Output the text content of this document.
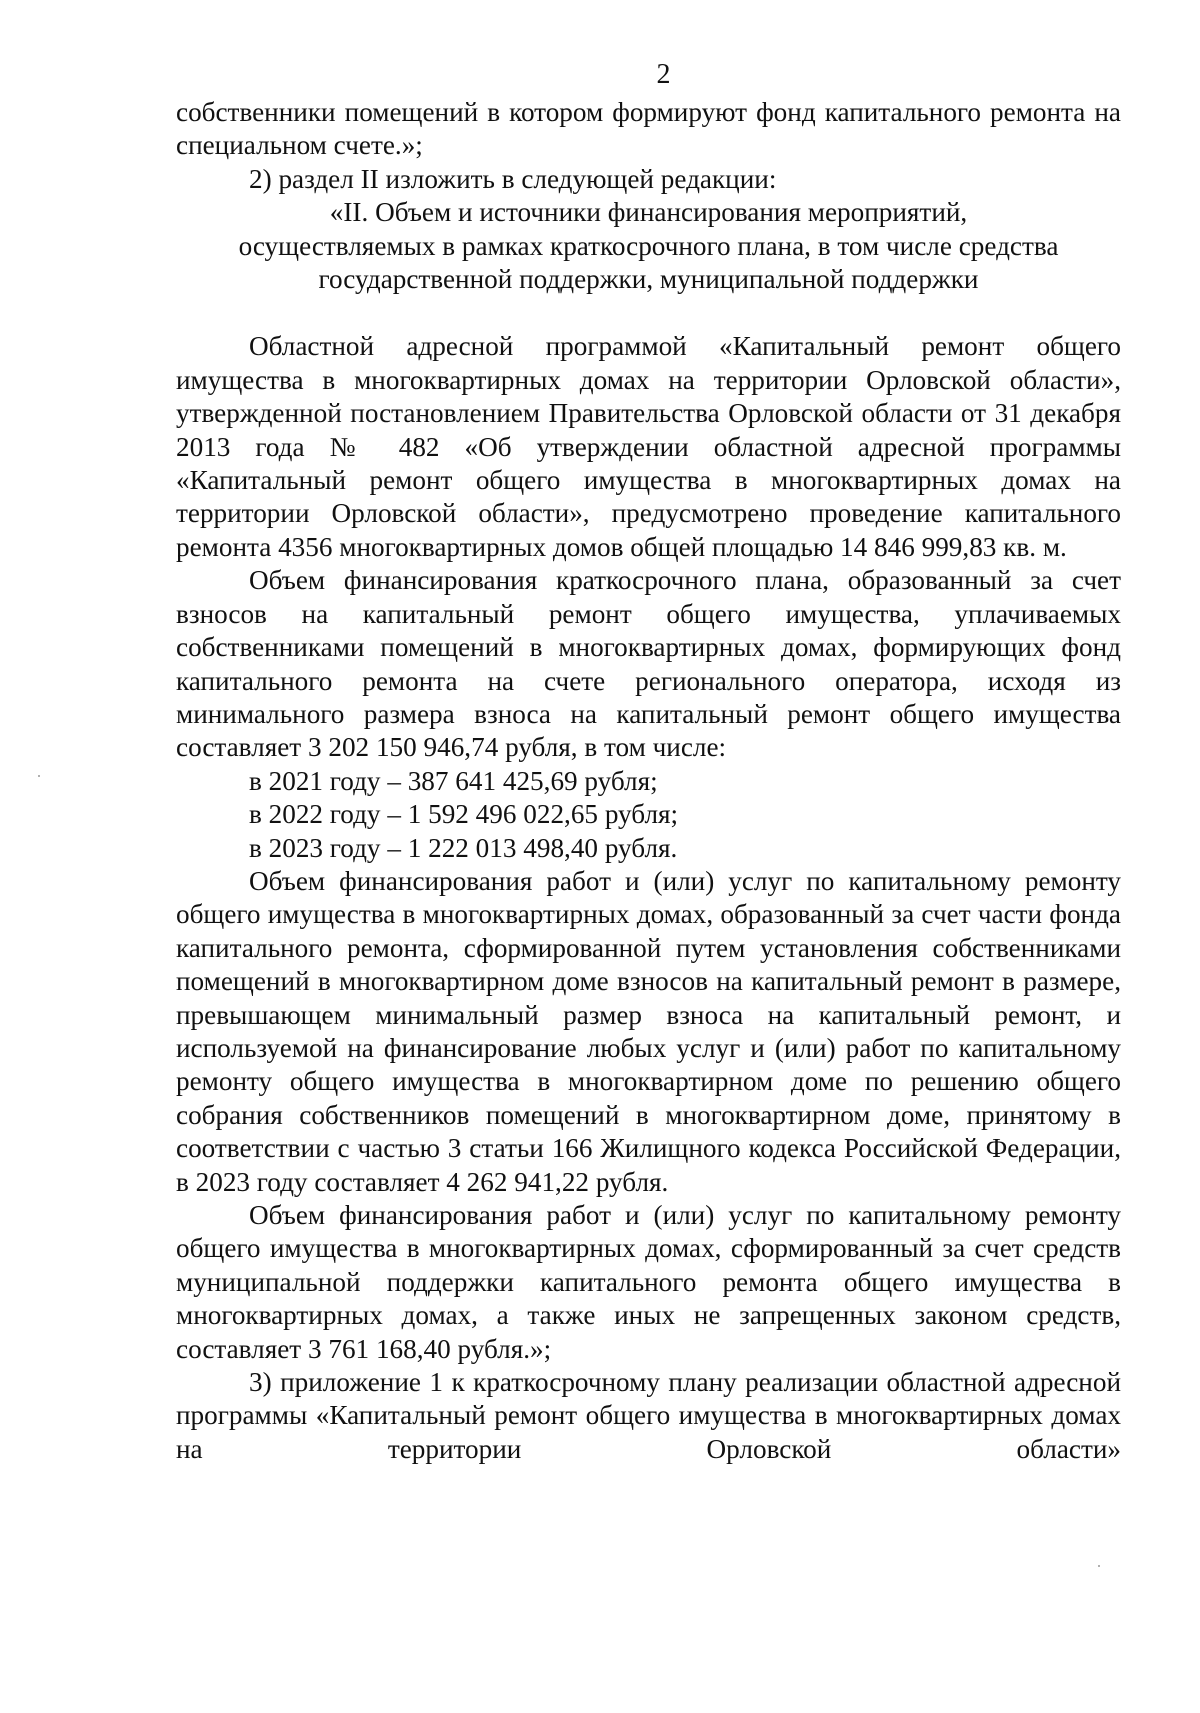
2

собственники помещений в котором формируют фонд капитального ремонта на специальном счете.»;

2) раздел II изложить в следующей редакции:

«II. Объем и источники финансирования мероприятий,

осуществляемых в рамках краткосрочного плана, в том числе средства

государственной поддержки, муниципальной поддержки

Областной адресной программой «Капитальный ремонт общего имущества в многоквартирных домах на территории Орловской области», утвержденной постановлением Правительства Орловской области от 31 декабря 2013 года № 482 «Об утверждении областной адресной программы «Капитальный ремонт общего имущества в многоквартирных домах на территории Орловской области», предусмотрено проведение капитального ремонта 4356 многоквартирных домов общей площадью 14 846 999,83 кв. м.

Объем финансирования краткосрочного плана, образованный за счет взносов на капитальный ремонт общего имущества, уплачиваемых собственниками помещений в многоквартирных домах, формирующих фонд капитального ремонта на счете регионального оператора, исходя из минимального размера взноса на капитальный ремонт общего имущества составляет 3 202 150 946,74 рубля, в том числе:

в 2021 году – 387 641 425,69 рубля;

в 2022 году – 1 592 496 022,65 рубля;

в 2023 году – 1 222 013 498,40 рубля.

Объем финансирования работ и (или) услуг по капитальному ремонту общего имущества в многоквартирных домах, образованный за счет части фонда капитального ремонта, сформированной путем установления собственниками помещений в многоквартирном доме взносов на капитальный ремонт в размере, превышающем минимальный размер взноса на капитальный ремонт, и используемой на финансирование любых услуг и (или) работ по капитальному ремонту общего имущества в многоквартирном доме по решению общего собрания собственников помещений в многоквартирном доме, принятому в соответствии с частью 3 статьи 166 Жилищного кодекса Российской Федерации, в 2023 году составляет 4 262 941,22 рубля.

Объем финансирования работ и (или) услуг по капитальному ремонту общего имущества в многоквартирных домах, сформированный за счет средств муниципальной поддержки капитального ремонта общего имущества в многоквартирных домах, а также иных не запрещенных законом средств, составляет 3 761 168,40 рубля.»;

3) приложение 1 к краткосрочному плану реализации областной адресной программы «Капитальный ремонт общего имущества в многоквартирных домах на территории Орловской области»
